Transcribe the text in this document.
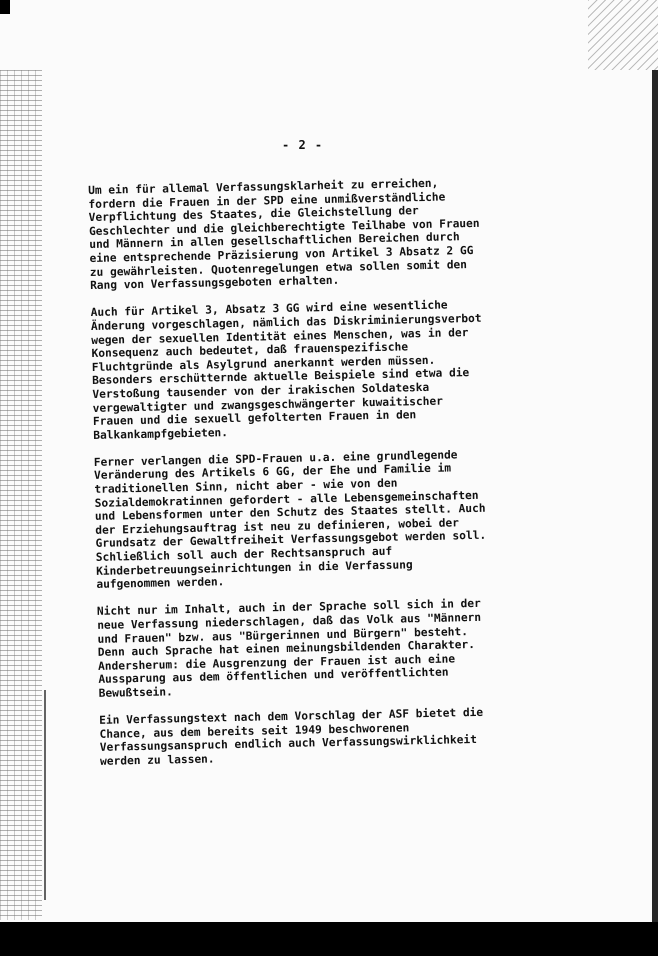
- 2 -

Um ein für allemal Verfassungsklarheit zu erreichen,
fordern die Frauen in der SPD eine unmißverständliche
Verpflichtung des Staates, die Gleichstellung der
Geschlechter und die gleichberechtigte Teilhabe von Frauen
und Männern in allen gesellschaftlichen Bereichen durch
eine entsprechende Präzisierung von Artikel 3 Absatz 2 GG
zu gewährleisten. Quotenregelungen etwa sollen somit den
Rang von Verfassungsgeboten erhalten.

Auch für Artikel 3, Absatz 3 GG wird eine wesentliche
Änderung vorgeschlagen, nämlich das Diskriminierungsverbot
wegen der sexuellen Identität eines Menschen, was in der
Konsequenz auch bedeutet, daß frauenspezifische
Fluchtgründe als Asylgrund anerkannt werden müssen.
Besonders erschütternde aktuelle Beispiele sind etwa die
Verstoßung tausender von der irakischen Soldateska
vergewaltigter und zwangsgeschwängerter kuwaitischer
Frauen und die sexuell gefolterten Frauen in den
Balkankampfgebieten.

Ferner verlangen die SPD-Frauen u.a. eine grundlegende
Veränderung des Artikels 6 GG, der Ehe und Familie im
traditionellen Sinn, nicht aber - wie von den
Sozialdemokratinnen gefordert - alle Lebensgemeinschaften
und Lebensformen unter den Schutz des Staates stellt. Auch
der Erziehungsauftrag ist neu zu definieren, wobei der
Grundsatz der Gewaltfreiheit Verfassungsgebot werden soll.
Schließlich soll auch der Rechtsanspruch auf
Kinderbetreuungseinrichtungen in die Verfassung
aufgenommen werden.

Nicht nur im Inhalt, auch in der Sprache soll sich in der
neue Verfassung niederschlagen, daß das Volk aus "Männern
und Frauen" bzw. aus "Bürgerinnen und Bürgern" besteht.
Denn auch Sprache hat einen meinungsbildenden Charakter.
Andersherum: die Ausgrenzung der Frauen ist auch eine
Aussparung aus dem öffentlichen und veröffentlichten
Bewußtsein.

Ein Verfassungstext nach dem Vorschlag der ASF bietet die
Chance, aus dem bereits seit 1949 beschworenen
Verfassungsanspruch endlich auch Verfassungswirklichkeit
werden zu lassen.
